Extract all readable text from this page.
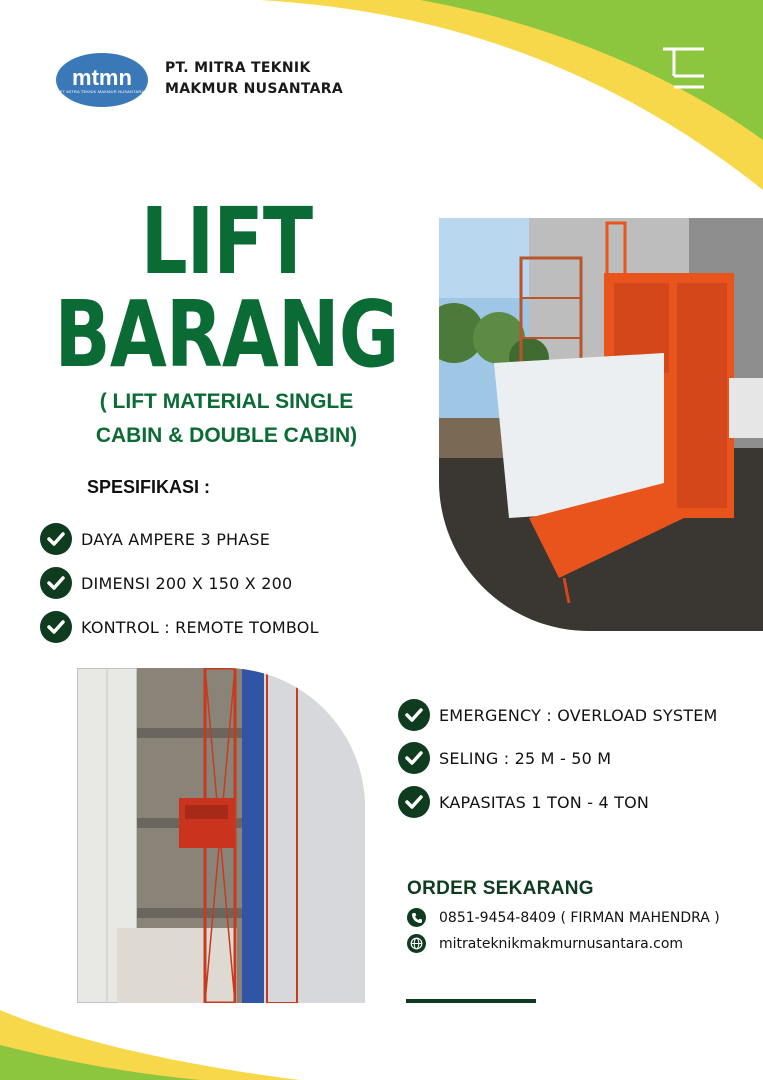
mtmn
PT MITRA TEKNIK MAKMUR NUSANTARA
PT. MITRA TEKNIK
MAKMUR NUSANTARA
LIFT
BARANG
( LIFT MATERIAL SINGLE
CABIN & DOUBLE CABIN)
SPESIFIKASI :
DAYA AMPERE 3 PHASE
DIMENSI 200 X 150 X 200
KONTROL : REMOTE TOMBOL
EMERGENCY : OVERLOAD SYSTEM
SELING : 25 M - 50 M
KAPASITAS 1 TON - 4 TON
ORDER SEKARANG
0851-9454-8409 ( FIRMAN MAHENDRA )
mitrateknikmakmurnusantara.com
